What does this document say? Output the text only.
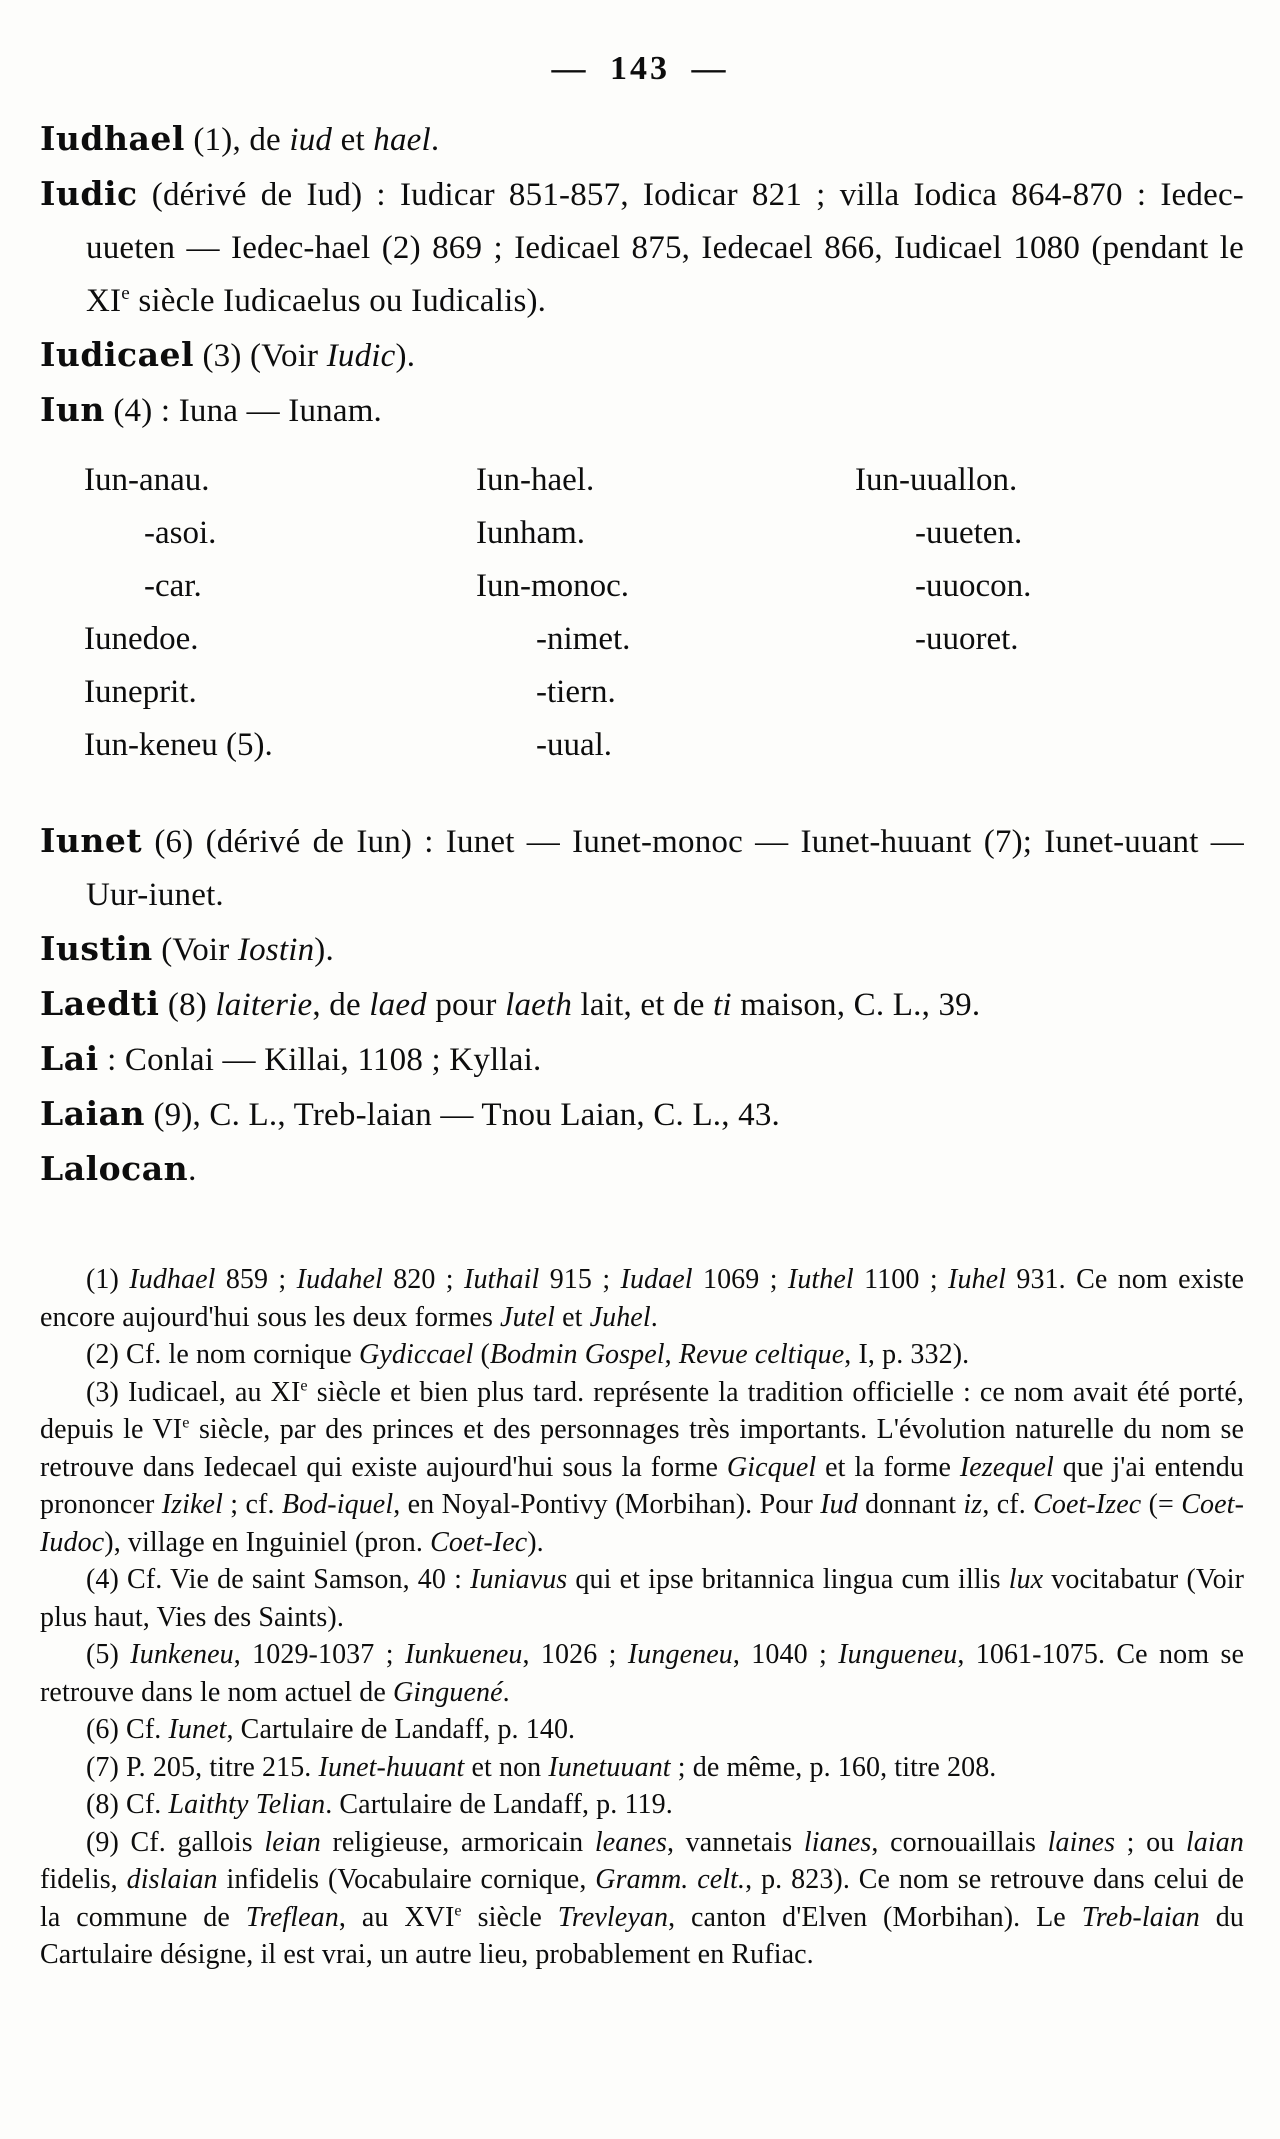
— 143 —

Iudhael (1), de iud et hael.

Iudic (dérivé de Iud) : Iudicar 851-857, Iodicar 821 ; villa Iodica 864-870 : Iedec-uueten — Iedec-hael (2) 869 ; Iedicael 875, Iedecael 866, Iudicael 1080 (pendant le XIe siècle Iudicaelus ou Iudicalis).

Iudicael (3) (Voir Iudic).

Iun (4) : Iuna — Iunam.

Iun-anau.	Iun-hael.	Iun-uuallon.
-asoi.	Iunham.	-uueten.
-car.	Iun-monoc.	-uuocon.
Iunedoe.	-nimet.	-uuoret.
Iuneprit.	-tiern.
Iun-keneu (5).	-uual.

Iunet (6) (dérivé de Iun) : Iunet — Iunet-monoc — Iunet-huuant (7); Iunet-uuant — Uur-iunet.

Iustin (Voir Iostin).

Laedti (8) laiterie, de laed pour laeth lait, et de ti maison, C. L., 39.

Lai : Conlai — Killai, 1108 ; Kyllai.

Laian (9), C. L., Treb-laian — Tnou Laian, C. L., 43.

Lalocan.

(1) Iudhael 859 ; Iudahel 820 ; Iuthail 915 ; Iudael 1069 ; Iuthel 1100 ; Iuhel 931. Ce nom existe encore aujourd'hui sous les deux formes Jutel et Juhel.

(2) Cf. le nom cornique Gydiccael (Bodmin Gospel, Revue celtique, I, p. 332).

(3) Iudicael, au XIe siècle et bien plus tard. représente la tradition officielle : ce nom avait été porté, depuis le VIe siècle, par des princes et des personnages très importants. L'évolution naturelle du nom se retrouve dans Iedecael qui existe aujourd'hui sous la forme Gicquel et la forme Iezequel que j'ai entendu prononcer Izikel ; cf. Bod-iquel, en Noyal-Pontivy (Morbihan). Pour Iud donnant iz, cf. Coet-Izec (= Coet-Iudoc), village en Inguiniel (pron. Coet-Iec).

(4) Cf. Vie de saint Samson, 40 : Iuniavus qui et ipse britannica lingua cum illis lux vocitabatur (Voir plus haut, Vies des Saints).

(5) Iunkeneu, 1029-1037 ; Iunkueneu, 1026 ; Iungeneu, 1040 ; Iungueneu, 1061-1075. Ce nom se retrouve dans le nom actuel de Ginguené.

(6) Cf. Iunet, Cartulaire de Landaff, p. 140.

(7) P. 205, titre 215. Iunet-huuant et non Iunetuuant ; de même, p. 160, titre 208.

(8) Cf. Laithty Telian. Cartulaire de Landaff, p. 119.

(9) Cf. gallois leian religieuse, armoricain leanes, vannetais lianes, cornouaillais laines ; ou laian fidelis, dislaian infidelis (Vocabulaire cornique, Gramm. celt., p. 823). Ce nom se retrouve dans celui de la commune de Treflean, au XVIe siècle Trevleyan, canton d'Elven (Morbihan). Le Treb-laian du Cartulaire désigne, il est vrai, un autre lieu, probablement en Rufiac.
